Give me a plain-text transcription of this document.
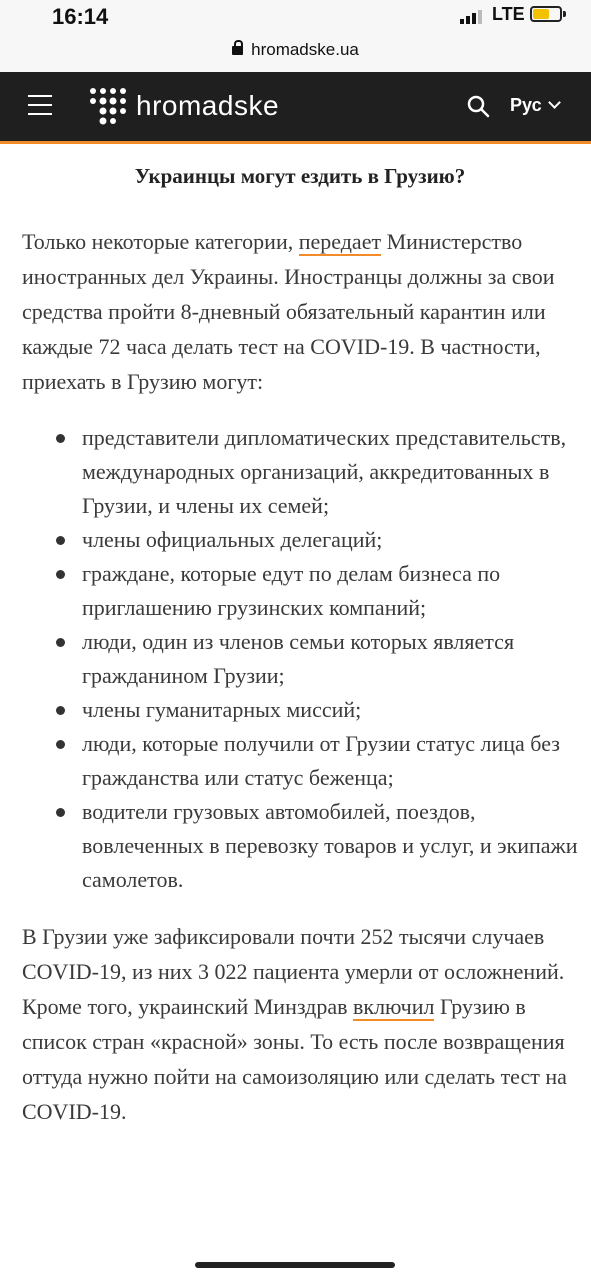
16:14	LTE
hromadske.ua
hromadske	Рус
Украинцы могут ездить в Грузию?

Только некоторые категории, передает Министерство иностранных дел Украины. Иностранцы должны за свои средства пройти 8-дневный обязательный карантин или каждые 72 часа делать тест на COVID-19. В частности, приехать в Грузию могут:

представители дипломатических представительств, международных организаций, аккредитованных в Грузии, и члены их семей;
члены официальных делегаций;
граждане, которые едут по делам бизнеса по приглашению грузинских компаний;
люди, один из членов семьи которых является гражданином Грузии;
члены гуманитарных миссий;
люди, которые получили от Грузии статус лица без гражданства или статус беженца;
водители грузовых автомобилей, поездов, вовлеченных в перевозку товаров и услуг, и экипажи самолетов.

В Грузии уже зафиксировали почти 252 тысячи случаев COVID-19, из них 3 022 пациента умерли от осложнений. Кроме того, украинский Минздрав включил Грузию в список стран «красной» зоны. То есть после возвращения оттуда нужно пойти на самоизоляцию или сделать тест на COVID-19.
